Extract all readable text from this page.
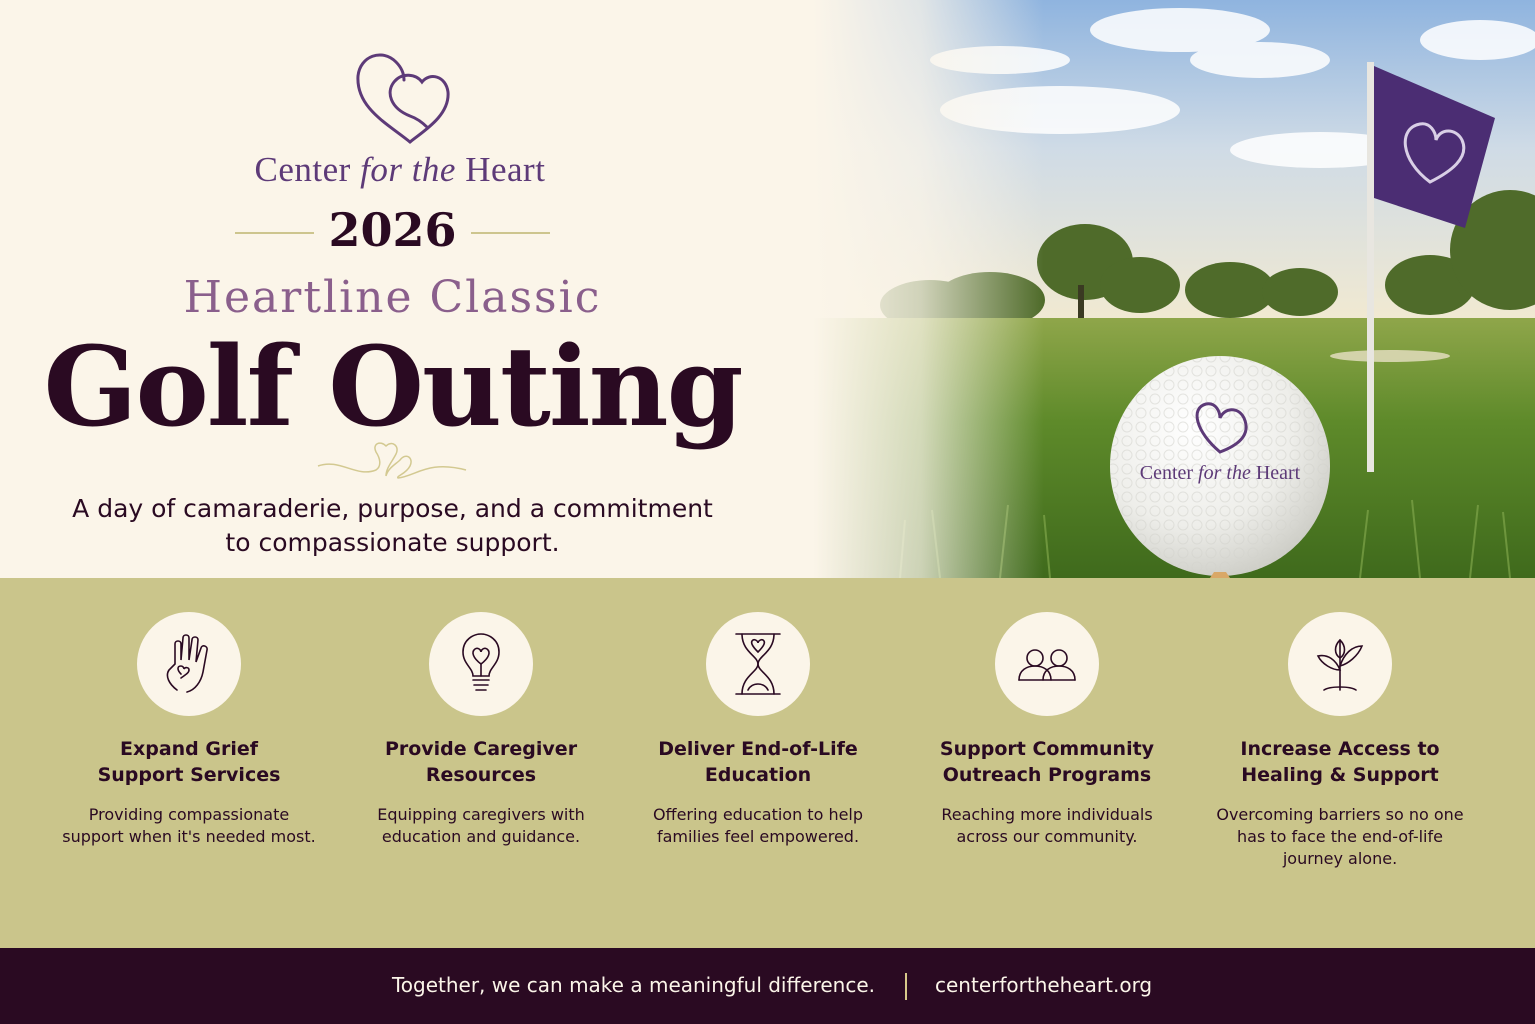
Center for the Heart
Center for the Heart
2026
Heartline Classic
Golf Outing
A day of camaraderie, purpose, and a commitment
to compassionate support.
Expand Grief
Support Services
Providing compassionate
support when it's needed most.
Provide Caregiver
Resources
Equipping caregivers with
education and guidance.
Deliver End-of-Life
Education
Offering education to help
families feel empowered.
Support Community
Outreach Programs
Reaching more individuals
across our community.
Increase Access to
Healing & Support
Overcoming barriers so no one
has to face the end-of-life
journey alone.
Together, we can make a meaningful difference.	centerfortheheart.org
